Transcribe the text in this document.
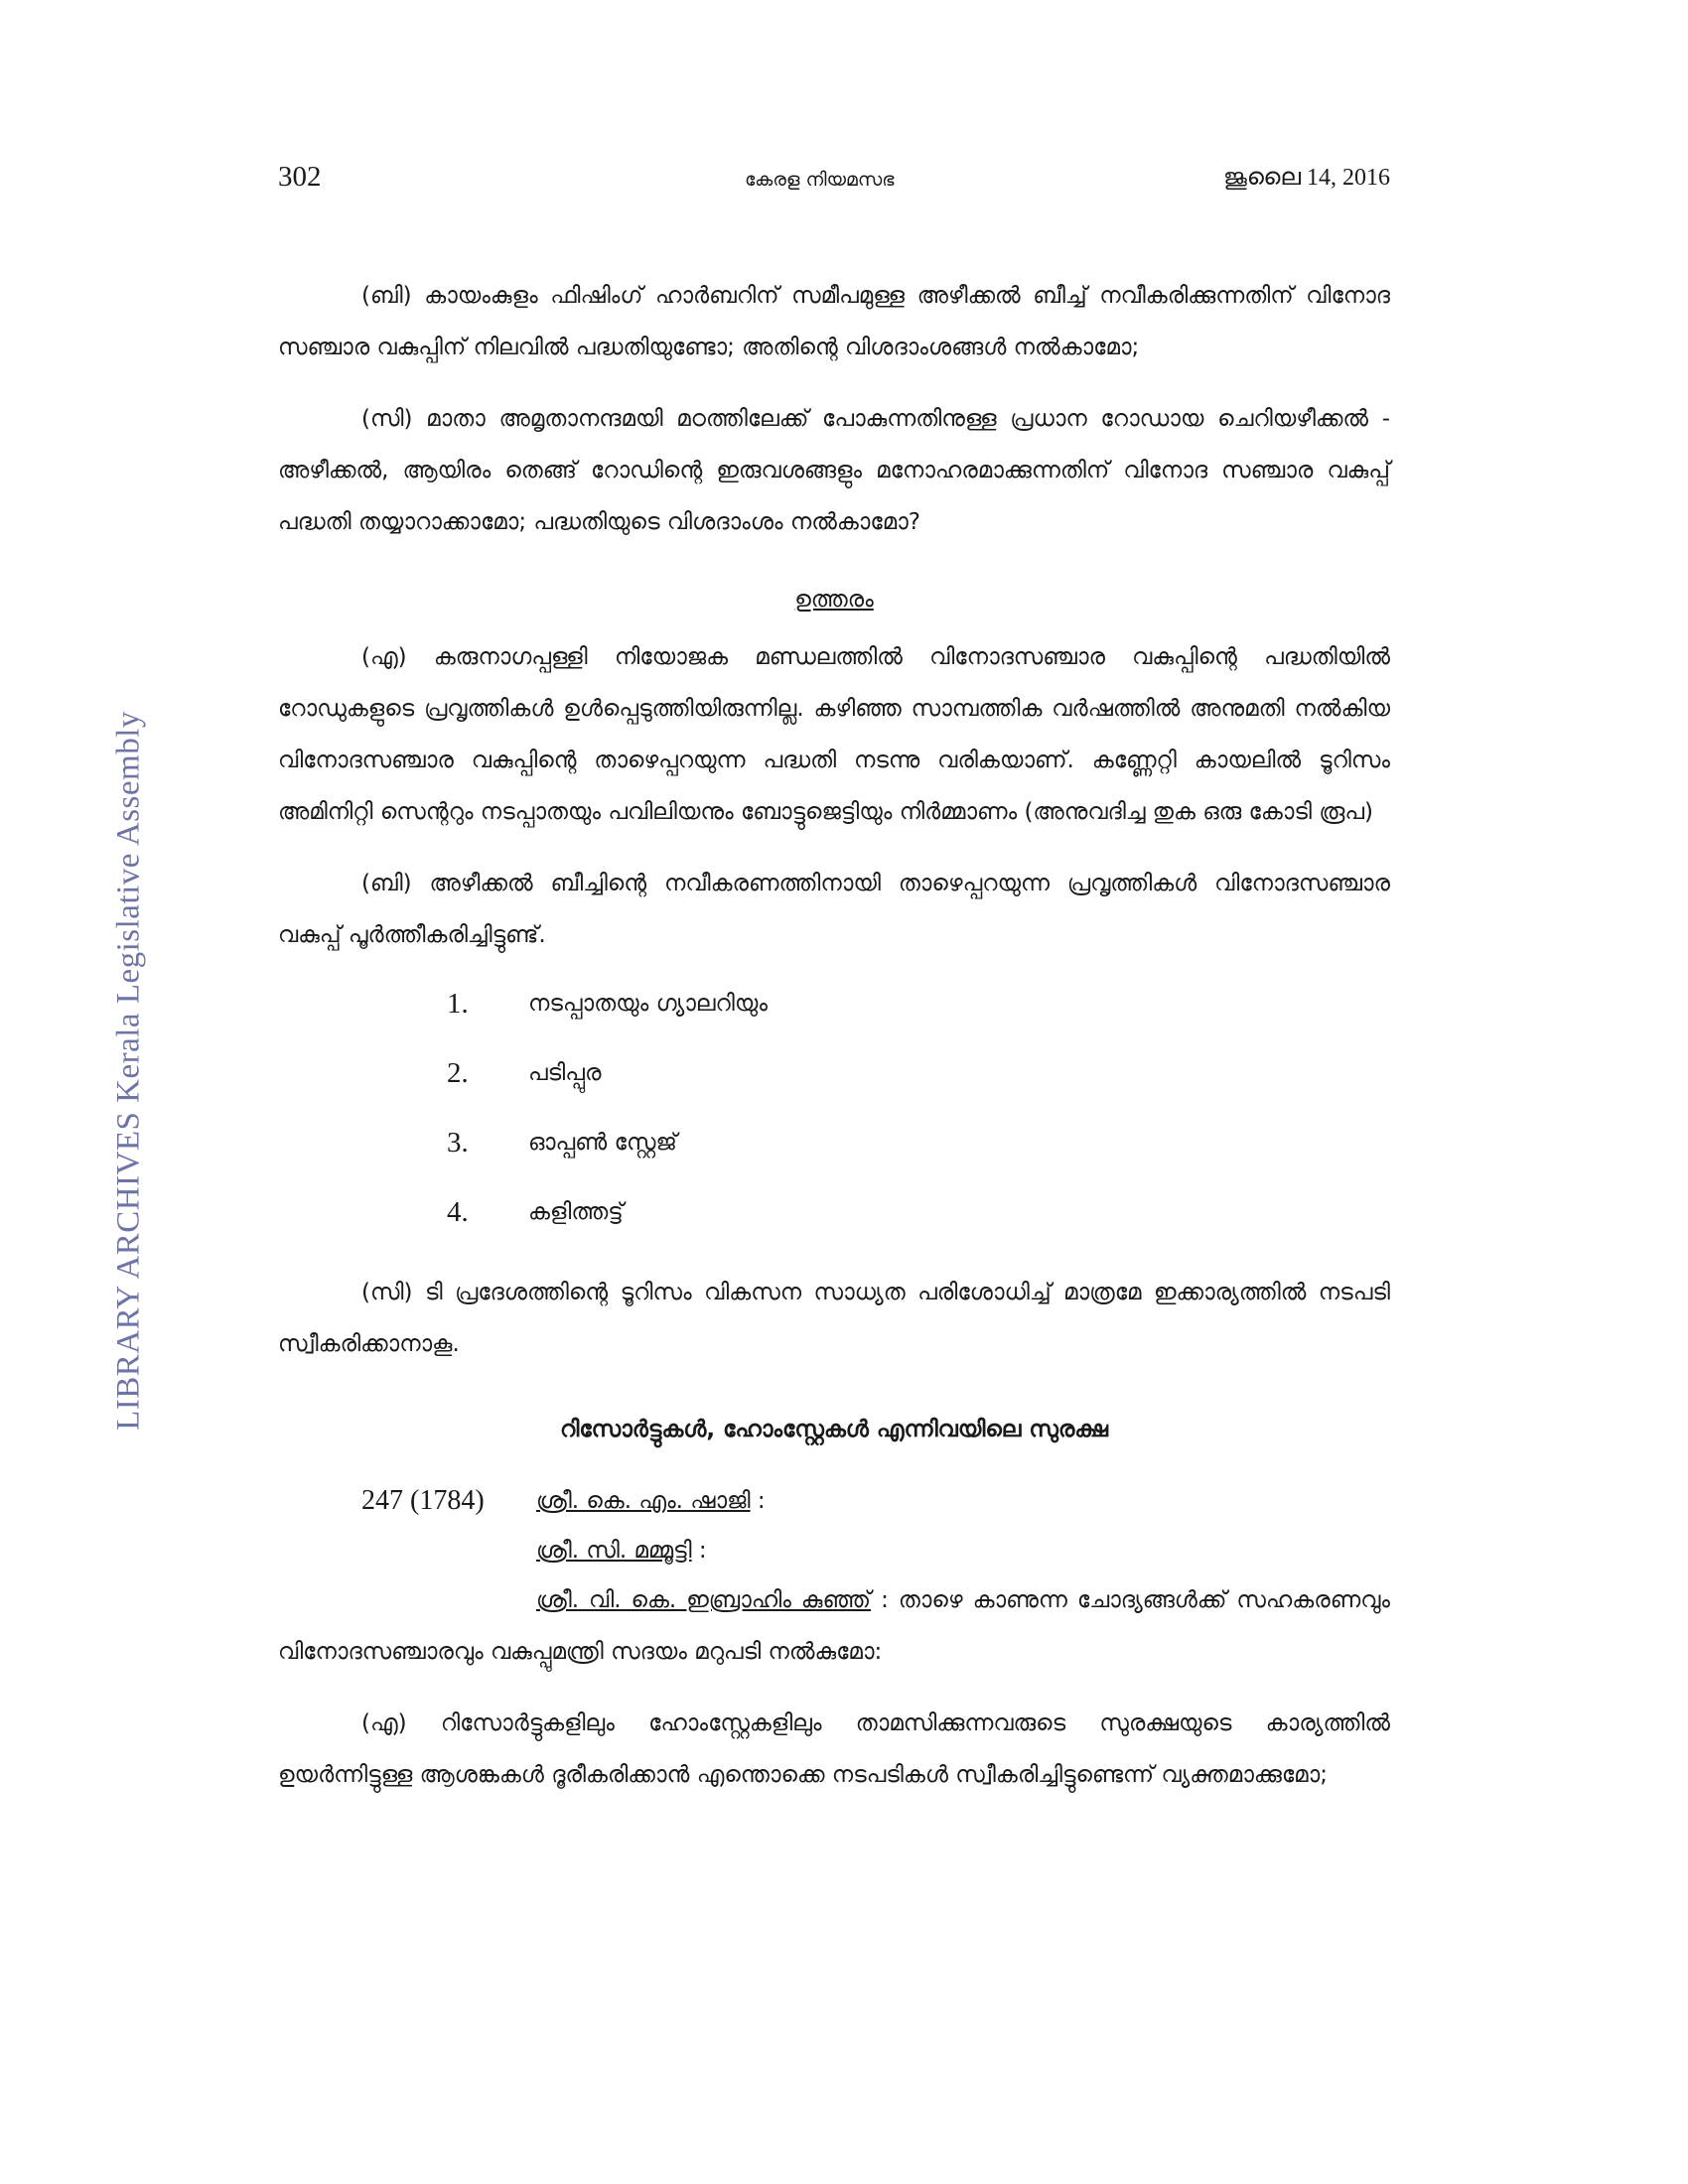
LIBRARY ARCHIVES Kerala Legislative Assembly
302	കേരള നിയമസഭ	ജൂലൈ 14, 2016

(ബി) കായംകുളം ഫിഷിംഗ് ഹാർബറിന് സമീപമുള്ള അഴീക്കൽ ബീച്ച് നവീകരിക്കുന്നതിന് വിനോദ സഞ്ചാര വകുപ്പിന് നിലവിൽ പദ്ധതിയുണ്ടോ; അതിന്റെ വിശദാംശങ്ങൾ നൽകാമോ;

(സി) മാതാ അമൃതാനന്ദമയി മഠത്തിലേക്ക് പോകുന്നതിനുള്ള പ്രധാന റോഡായ ചെറിയഴീക്കൽ - അഴീക്കൽ, ആയിരം തെങ്ങ് റോഡിന്റെ ഇരുവശങ്ങളും മനോഹരമാക്കുന്നതിന് വിനോദ സഞ്ചാര വകുപ്പ് പദ്ധതി തയ്യാറാക്കാമോ; പദ്ധതിയുടെ വിശദാംശം നൽകാമോ?

ഉത്തരം

(എ) കരുനാഗപ്പള്ളി നിയോജക മണ്ഡലത്തിൽ വിനോദസഞ്ചാര വകുപ്പിന്റെ പദ്ധതിയിൽ റോഡുകളുടെ പ്രവൃത്തികൾ ഉൾപ്പെടുത്തിയിരുന്നില്ല. കഴിഞ്ഞ സാമ്പത്തിക വർഷത്തിൽ അനുമതി നൽകിയ വിനോദസഞ്ചാര വകുപ്പിന്റെ താഴെപ്പറയുന്ന പദ്ധതി നടന്നു വരികയാണ്. കണ്ണേറ്റി കായലിൽ ടൂറിസം അമിനിറ്റി സെന്ററും നടപ്പാതയും പവിലിയനും ബോട്ടുജെട്ടിയും നിർമ്മാണം (അനുവദിച്ച തുക ഒരു കോടി രൂപ)

(ബി) അഴീക്കൽ ബീച്ചിന്റെ നവീകരണത്തിനായി താഴെപ്പറയുന്ന പ്രവൃത്തികൾ വിനോദസഞ്ചാര വകുപ്പ് പൂർത്തീകരിച്ചിട്ടുണ്ട്.

1.	നടപ്പാതയും ഗ്യാലറിയും
2.	പടിപ്പുര
3.	ഓപ്പൺ സ്റ്റേജ്
4.	കളിത്തട്ട്

(സി) ടി പ്രദേശത്തിന്റെ ടൂറിസം വികസന സാധ്യത പരിശോധിച്ച് മാത്രമേ ഇക്കാര്യത്തിൽ നടപടി സ്വീകരിക്കാനാകൂ.

റിസോർട്ടുകൾ, ഹോംസ്റ്റേകൾ എന്നിവയിലെ സുരക്ഷ

247 (1784) ശ്രീ. കെ. എം. ഷാജി :
ശ്രീ. സി. മമ്മൂട്ടി :

ശ്രീ. വി. കെ. ഇബ്രാഹിം കുഞ്ഞ് : താഴെ കാണുന്ന ചോദ്യങ്ങൾക്ക് സഹകരണവും വിനോദസഞ്ചാരവും വകുപ്പുമന്ത്രി സദയം മറുപടി നൽകുമോ:

(എ) റിസോർട്ടുകളിലും ഹോംസ്റ്റേകളിലും താമസിക്കുന്നവരുടെ സുരക്ഷയുടെ കാര്യത്തിൽ ഉയർന്നിട്ടുള്ള ആശങ്കകൾ ദൂരീകരിക്കാൻ എന്തൊക്കെ നടപടികൾ സ്വീകരിച്ചിട്ടുണ്ടെന്ന് വ്യക്തമാക്കുമോ;
